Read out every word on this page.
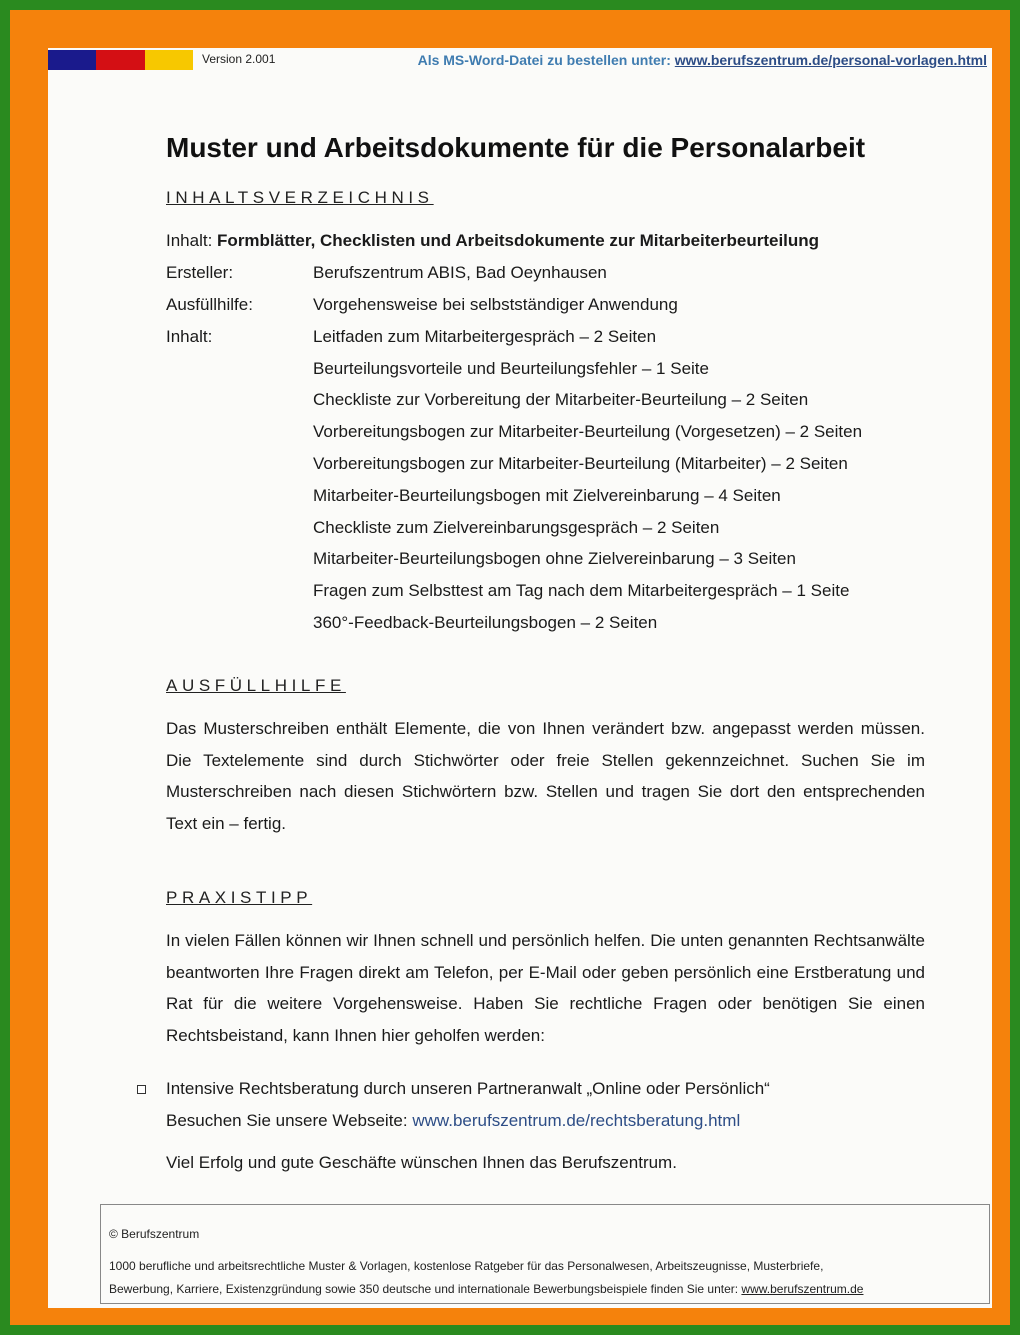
Version 2.001	Als MS-Word-Datei zu bestellen unter: www.berufszentrum.de/personal-vorlagen.html
Muster und Arbeitsdokumente für die Personalarbeit
INHALTSVERZEICHNIS
Inhalt: Formblätter, Checklisten und Arbeitsdokumente zur Mitarbeiterbeurteilung
Ersteller:	Berufszentrum ABIS, Bad Oeynhausen
Ausfüllhilfe:	Vorgehensweise bei selbstständiger Anwendung
Inhalt:	Leitfaden zum Mitarbeitergespräch – 2 Seiten
Beurteilungsvorteile und Beurteilungsfehler – 1 Seite
Checkliste zur Vorbereitung der Mitarbeiter-Beurteilung – 2 Seiten
Vorbereitungsbogen zur Mitarbeiter-Beurteilung (Vorgesetzen) – 2 Seiten
Vorbereitungsbogen zur Mitarbeiter-Beurteilung (Mitarbeiter) – 2 Seiten
Mitarbeiter-Beurteilungsbogen mit Zielvereinbarung – 4 Seiten
Checkliste zum Zielvereinbarungsgespräch – 2 Seiten
Mitarbeiter-Beurteilungsbogen ohne Zielvereinbarung – 3 Seiten
Fragen zum Selbsttest am Tag nach dem Mitarbeitergespräch – 1 Seite
360°-Feedback-Beurteilungsbogen – 2 Seiten
AUSFÜLLHILFE
Das Musterschreiben enthält Elemente, die von Ihnen verändert bzw. angepasst werden müssen. Die Textelemente sind durch Stichwörter oder freie Stellen gekennzeichnet. Suchen Sie im Musterschreiben nach diesen Stichwörtern bzw. Stellen und tragen Sie dort den entsprechenden Text ein – fertig.
PRAXISTIPP
In vielen Fällen können wir Ihnen schnell und persönlich helfen. Die unten genannten Rechtsanwälte beantworten Ihre Fragen direkt am Telefon, per E-Mail oder geben persönlich eine Erstberatung und Rat für die weitere Vorgehensweise. Haben Sie rechtliche Fragen oder benötigen Sie einen Rechtsbeistand, kann Ihnen hier geholfen werden:
Intensive Rechtsberatung durch unseren Partneranwalt „Online oder Persönlich“
Besuchen Sie unsere Webseite: www.berufszentrum.de/rechtsberatung.html
Viel Erfolg und gute Geschäfte wünschen Ihnen das Berufszentrum.
© Berufszentrum
1000 berufliche und arbeitsrechtliche Muster & Vorlagen, kostenlose Ratgeber für das Personalwesen, Arbeitszeugnisse, Musterbriefe,
Bewerbung, Karriere, Existenzgründung sowie 350 deutsche und internationale Bewerbungsbeispiele finden Sie unter: www.berufszentrum.de
